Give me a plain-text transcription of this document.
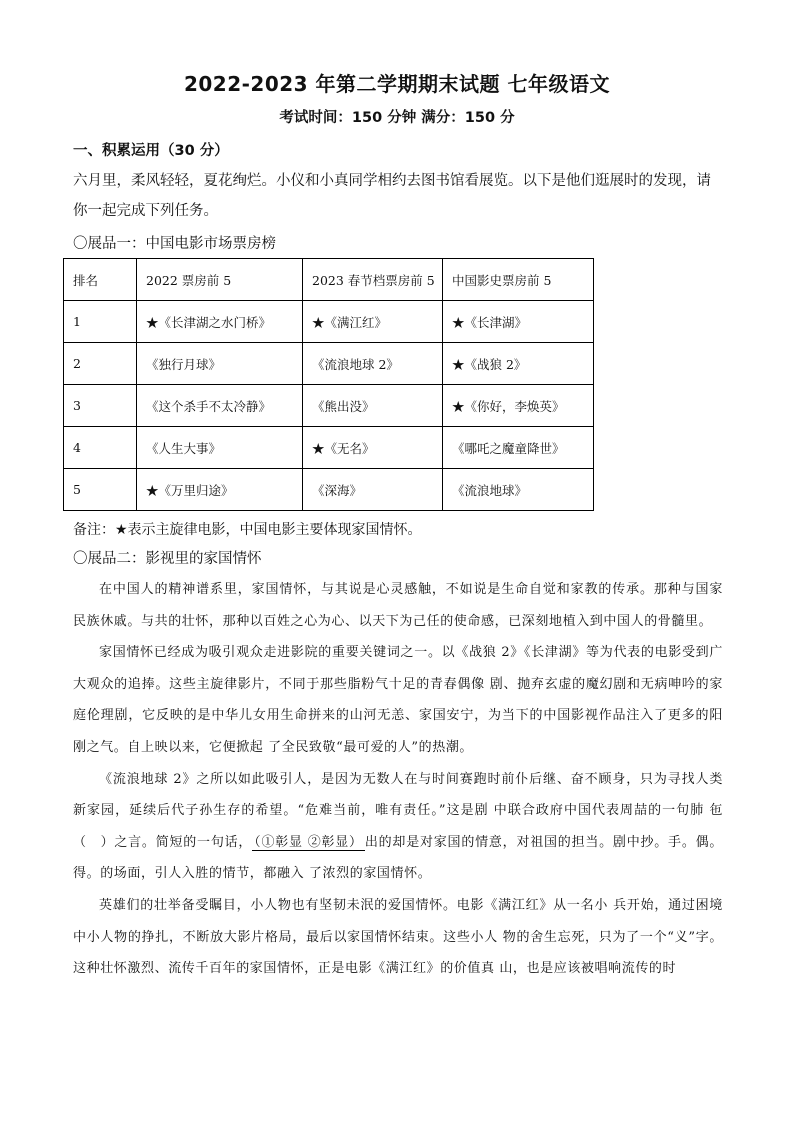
2022-2023 年第二学期期末试题 七年级语文
考试时间：150 分钟 满分：150 分
一、积累运用（30 分）
六月里，柔风轻轻，夏花绚烂。小仪和小真同学相约去图书馆看展览。以下是他们逛展时的发现，请你一起完成下列任务。
〇展品一：中国电影市场票房榜
排名	2022 票房前 5	2023 春节档票房前 5	中国影史票房前 5
1	★《长津湖之水门桥》	★《满江红》	★《长津湖》
2	《独行月球》	《流浪地球 2》	★《战狼 2》
3	《这个杀手不太冷静》	《熊出没》	★《你好，李焕英》
4	《人生大事》	★《无名》	《哪吒之魔童降世》
5	★《万里归途》	《深海》	《流浪地球》
备注：★表示主旋律电影，中国电影主要体现家国情怀。
〇展品二：影视里的家国情怀

在中国人的精神谱系里，家国情怀，与其说是心灵感触，不如说是生命自觉和家教的传承。那种与国家民族休戚。与共的壮怀，那种以百姓之心为心、以天下为己任的使命感，已深刻地植入到中国人的骨髓里。

家国情怀已经成为吸引观众走进影院的重要关键词之一。以《战狼 2》《长津湖》等为代表的电影受到广大观众的追捧。这些主旋律影片，不同于那些脂粉气十足的青春偶像 剧、抛弃玄虚的魔幻剧和无病呻吟的家庭伦理剧，它反映的是中华儿女用生命拼来的山河无恙、家国安宁，为当下的中国影视作品注入了更多的阳刚之气。自上映以来，它便掀起 了全民致敬“最可爱的人”的热潮。

《流浪地球 2》之所以如此吸引人，是因为无数人在与时间赛跑时前仆后继、奋不顾身，只为寻找人类新家园，延续后代子孙生存的希望。“危难当前，唯有责任。”这是剧 中联合政府中国代表周喆的一句肺 㐌（　）之言。简短的一句话， （①彰显 ②彰显） 出的却是对家国的情意，对祖国的担当。剧中抄。手。偶。得。的场面，引人入胜的情节，都融入 了浓烈的家国情怀。

英雄们的壮举备受瞩目，小人物也有坚韧未泯的爱国情怀。电影《满江红》从一名小 兵开始，通过困境中小人物的挣扎，不断放大影片格局，最后以家国情怀结束。这些小人 物的舍生忘死，只为了一个“义”字。这种壮怀激烈、流传千百年的家国情怀，正是电影《满江红》的价值真 山，也是应该被唱响流传的时
